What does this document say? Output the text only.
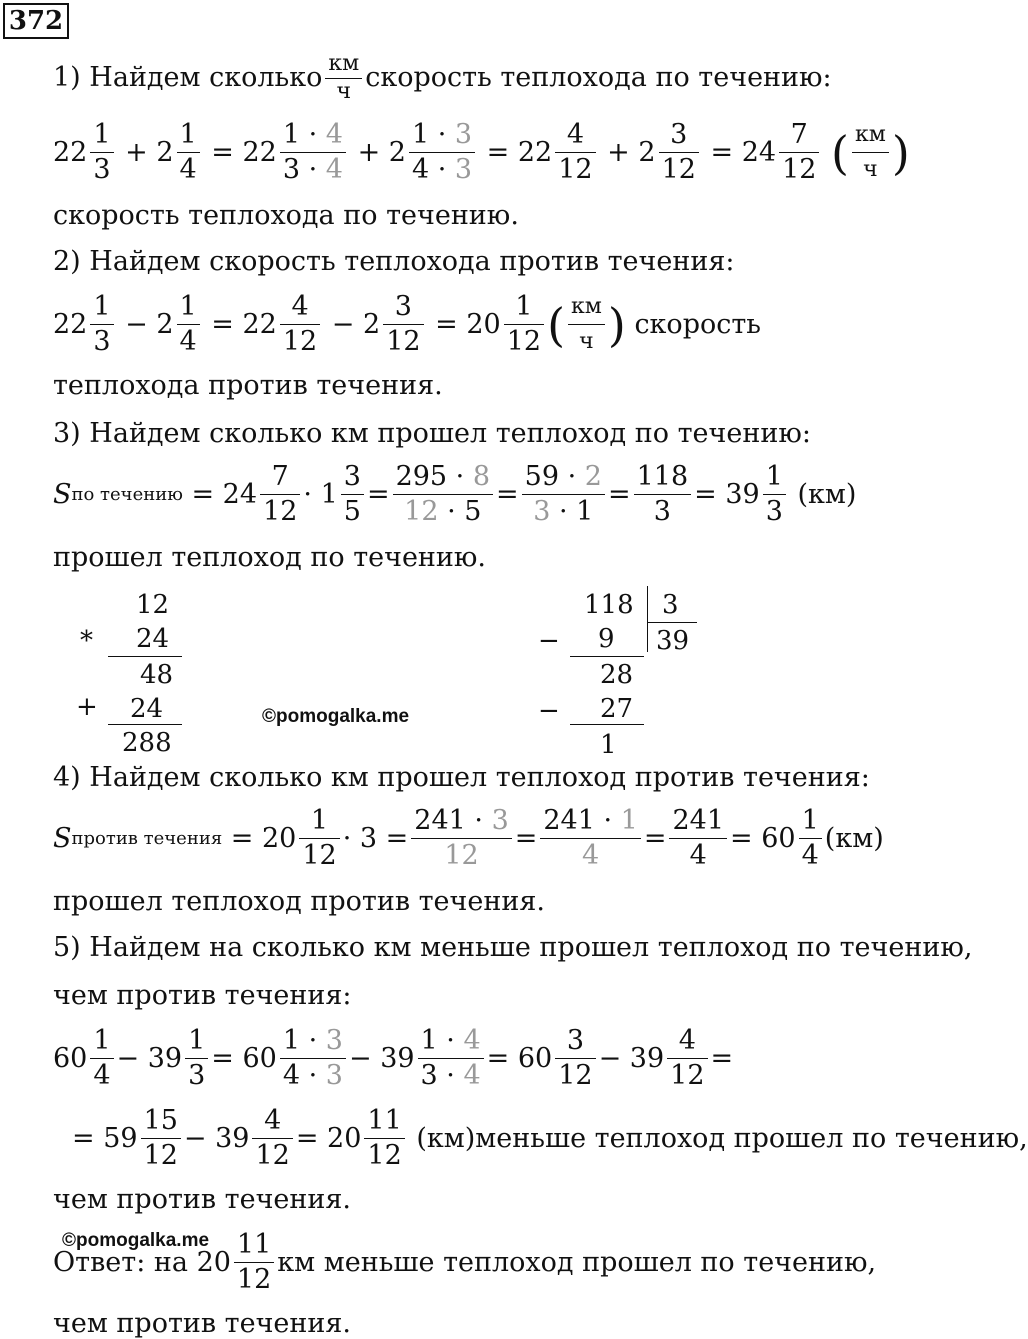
372
1) Найдем сколько км
ч скорость теплохода по течению:
22
1
3
+ 2
1
4
= 22
1 · 4
3 · 4
+ 2
1 · 3
4 · 3
= 22
4
12
+ 2
3
12
= 24
7
12
( км
ч )
скорость теплохода по течению.
2) Найдем скорость теплохода против течения:
22
1
3
− 2
1
4
= 22
4
12
− 2
3
12
= 20
1
12 ( км
ч )
скорость
теплохода против течения.
3) Найдем сколько км прошел теплоход по течению:
S по течению = 24
7
12
· 1
3
5
=
295 · 8
12 · 5
=
59 · 2
3 · 1
=
118
3
= 39
1
3

(км)
прошел теплоход по течению.
12
* 24
48
+ 24
288
©pomogalka.me
118 3
− 9 39
28
− 27
1
4) Найдем сколько км прошел теплоход против течения:
S против течения = 20
1
12
· 3 =
241 · 3
12
=
241 · 1
4
=
241
4
= 60
1
4
(км)
прошел теплоход против течения.
5) Найдем на сколько км меньше прошел теплоход по течению,
чем против течения:
60
1
4
− 39
1
3
= 60
1 · 3
4 · 3
− 39
1 · 4
3 · 4
= 60
3
12
− 39
4
12
=
= 59
15
12
− 39
4
12
= 20
11
12

(км)меньше теплоход прошел по течению,
чем против течения.
©pomogalka.me
Ответ: на
20
11
12
км меньше теплоход прошел по течению,
чем против течения.
